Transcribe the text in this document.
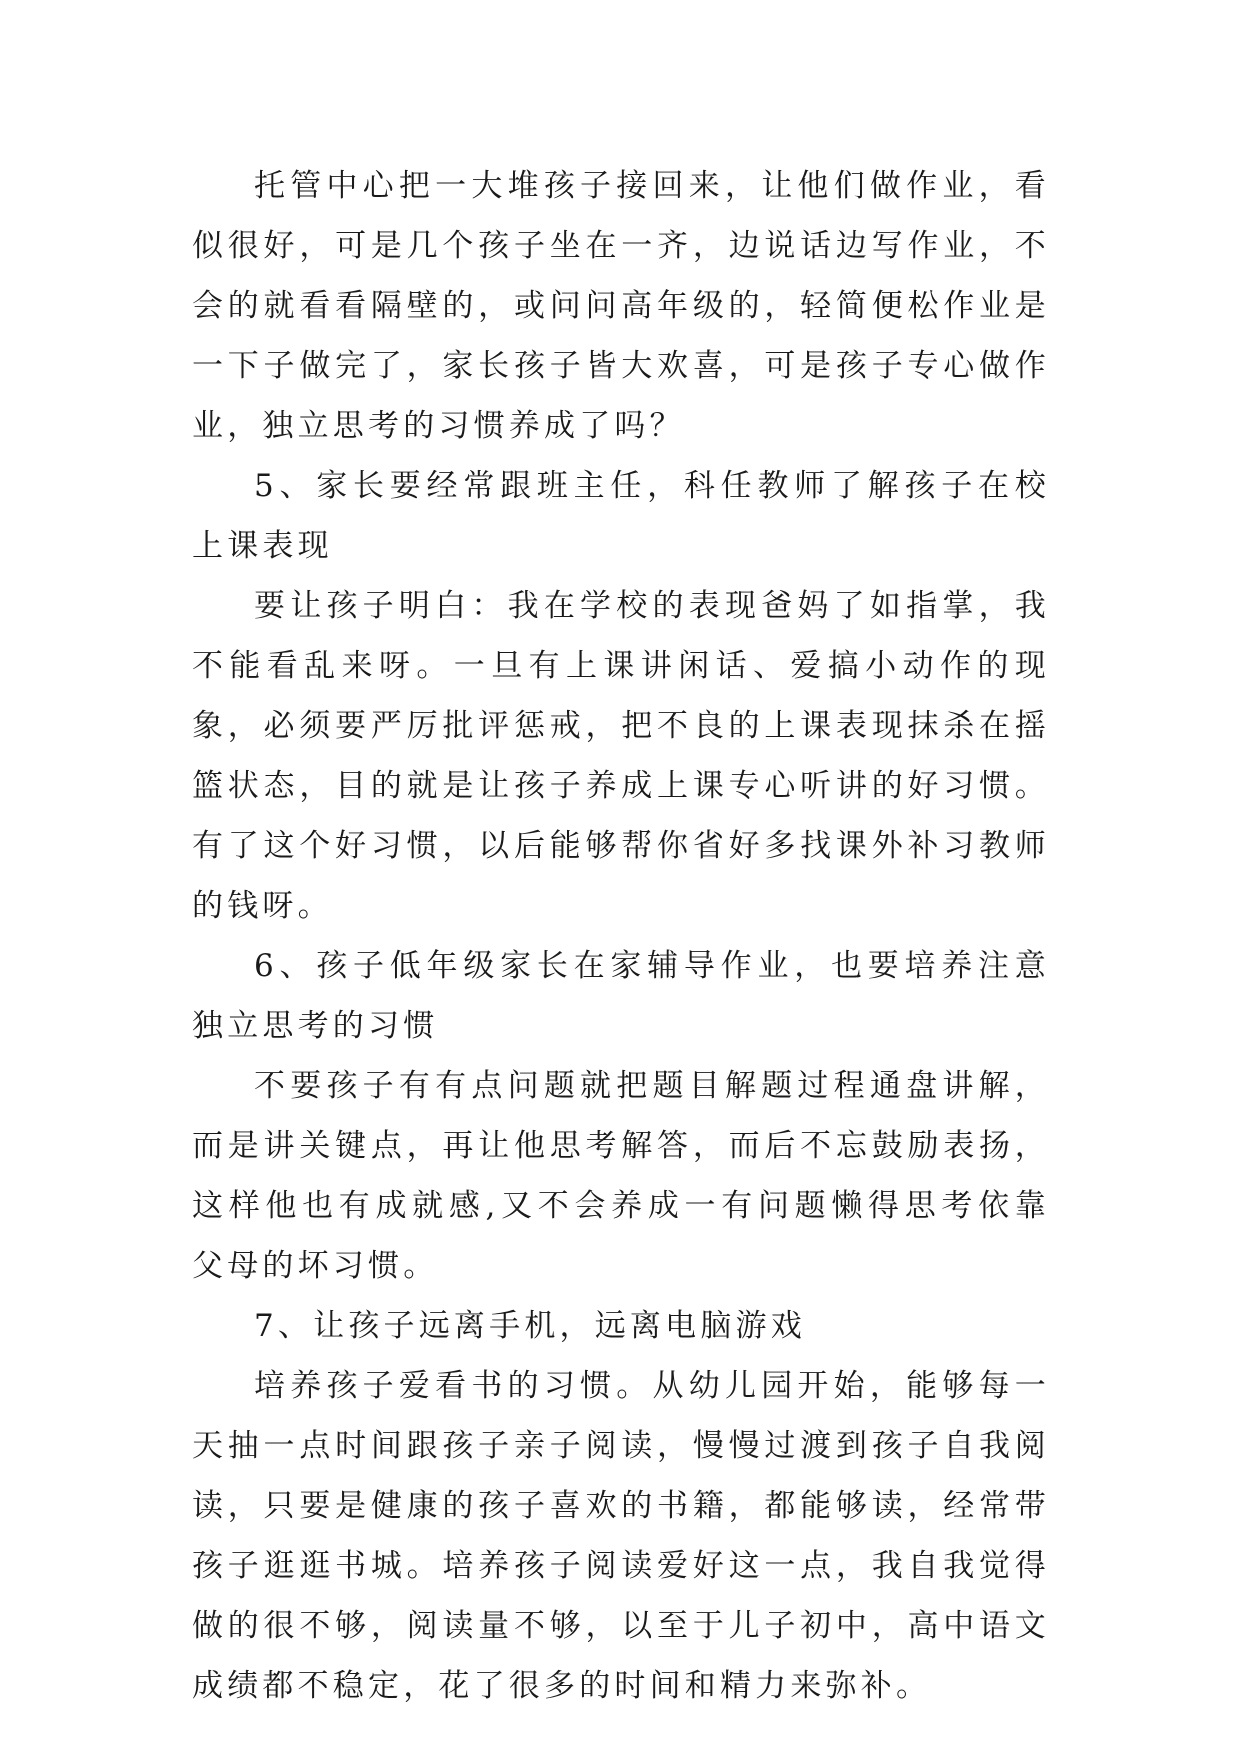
托管中心把一大堆孩子接回来，让他们做作业，看似很好，可是几个孩子坐在一齐，边说话边写作业，不会的就看看隔壁的，或问问高年级的，轻简便松作业是一下子做完了，家长孩子皆大欢喜，可是孩子专心做作业，独立思考的习惯养成了吗？

5、家长要经常跟班主任，科任教师了解孩子在校上课表现

要让孩子明白：我在学校的表现爸妈了如指掌，我不能看乱来呀。一旦有上课讲闲话、爱搞小动作的现象，必须要严厉批评惩戒，把不良的上课表现抹杀在摇篮状态，目的就是让孩子养成上课专心听讲的好习惯。有了这个好习惯，以后能够帮你省好多找课外补习教师的钱呀。

6、孩子低年级家长在家辅导作业，也要培养注意独立思考的习惯

不要孩子有有点问题就把题目解题过程通盘讲解，而是讲关键点，再让他思考解答，而后不忘鼓励表扬，这样他也有成就感,又不会养成一有问题懒得思考依靠父母的坏习惯。

7、让孩子远离手机，远离电脑游戏

培养孩子爱看书的习惯。从幼儿园开始，能够每一天抽一点时间跟孩子亲子阅读，慢慢过渡到孩子自我阅读，只要是健康的孩子喜欢的书籍，都能够读，经常带孩子逛逛书城。培养孩子阅读爱好这一点，我自我觉得做的很不够，阅读量不够，以至于儿子初中，高中语文成绩都不稳定，花了很多的时间和精力来弥补。
